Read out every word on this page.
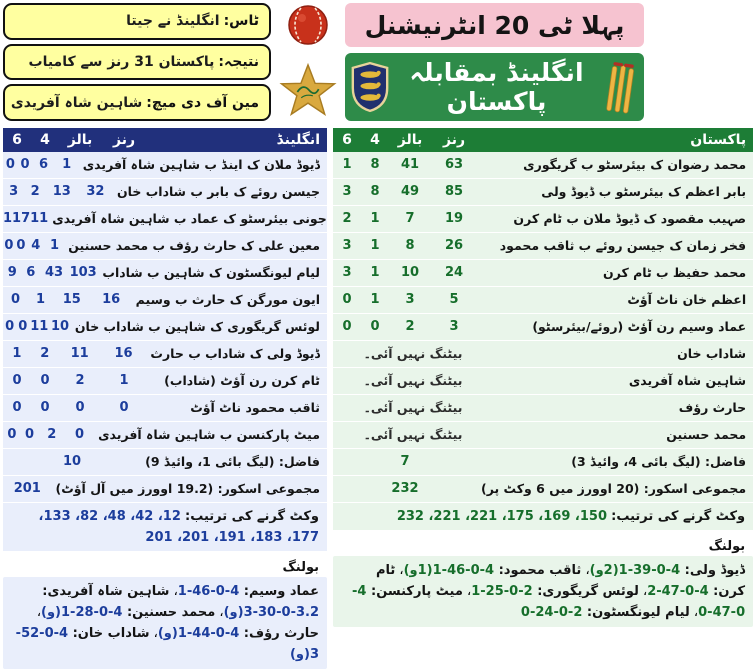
ٹاس:
انگلینڈ نے جیتا
نتیجہ:
پاکستان 31 رنز سے کامیاب
مین آف دی میچ:
شاہین شاہ آفریدی
پہلا ٹی 20 انٹرنیشنل
انگلینڈ بمقابلہ پاکستان
6	4	بالز	رنز	انگلینڈ
0 0 6	1 ڈیوڈ ملان ک اینڈ ب شاہین شاہ آفریدی
3 2	13	32	جیسن روئے ک بابر ب شاداب خان
1 1 7 11 جونی بیئرسٹو ک عماد ب شاہین شاہ آفریدی
0 0 4 1 معین علی ک حارث رؤف ب محمد حسنین
9 6 43 103 لیام لیونگسٹون ک شاہین ب شاداب
0	1	15	16	ایون مورگن ک حارث ب وسیم
0 0 11 10 لوئس گریگوری ک شاہین ب شاداب خان
1	2	11	16	ڈیوڈ ولی ک شاداب ب حارث
0	0	2	1	ٹام کرن رن آؤٹ (شاداب)
0	0	0	0	ثاقب محمود ناٹ آؤٹ
0 0	2	0	میٹ پارکنسن ب شاہین شاہ آفریدی
10	فاضل: (لیگ بائی 1، وائیڈ 9)
201	مجموعی اسکور: (19.2 اوورز میں آل آؤٹ)
وکٹ گرنے کی ترتیب: 12، 42، 48، 82، 133، 177، 183، 191، 201، 201
بولنگ

عماد وسیم: 4-0-46-1، شاہین شاہ آفریدی: 3.2-0-30-3(و)، محمد حسنین: 4-0-28-1(و)، حارث رؤف: 4-0-44-1(و)، شاداب خان: 4-0-52-3(و)

6	4	بالز	رنز	پاکستان
1	8	41	63	محمد رضوان ک بیئرسٹو ب گریگوری
3	8	49	85	بابر اعظم ک بیئرسٹو ب ڈیوڈ ولی
2	1	7	19	صہیب مقصود ک ڈیوڈ ملان ب ٹام کرن
3	1	8	26	فخر زمان ک جیسن روئے ب ثاقب محمود
3	1	10	24	محمد حفیظ ب ٹام کرن
0	1	3	5	اعظم خان ناٹ آؤٹ
0	0	2	3	عماد وسیم رن آؤٹ (روئے/بیئرسٹو)
بیٹنگ نہیں آئی۔	شاداب خان
بیٹنگ نہیں آئی۔	شاہین شاہ آفریدی
بیٹنگ نہیں آئی۔	حارث رؤف
بیٹنگ نہیں آئی۔	محمد حسنین
7	فاضل: (لیگ بائی 4، وائیڈ 3)
232	مجموعی اسکور: (20 اوورز میں 6 وکٹ پر)
وکٹ گرنے کی ترتیب: 150، 169، 175، 221، 221، 232
بولنگ

ڈیوڈ ولی: 4-0-39-1(2و)، ثاقب محمود: 4-0-46-1(1و)، ٹام کرن: 4-0-47-2، لوئس گریگوری: 2-0-25-1، میٹ پارکنسن: 4-0-47-0، لیام لیونگسٹون: 2-0-24-0
